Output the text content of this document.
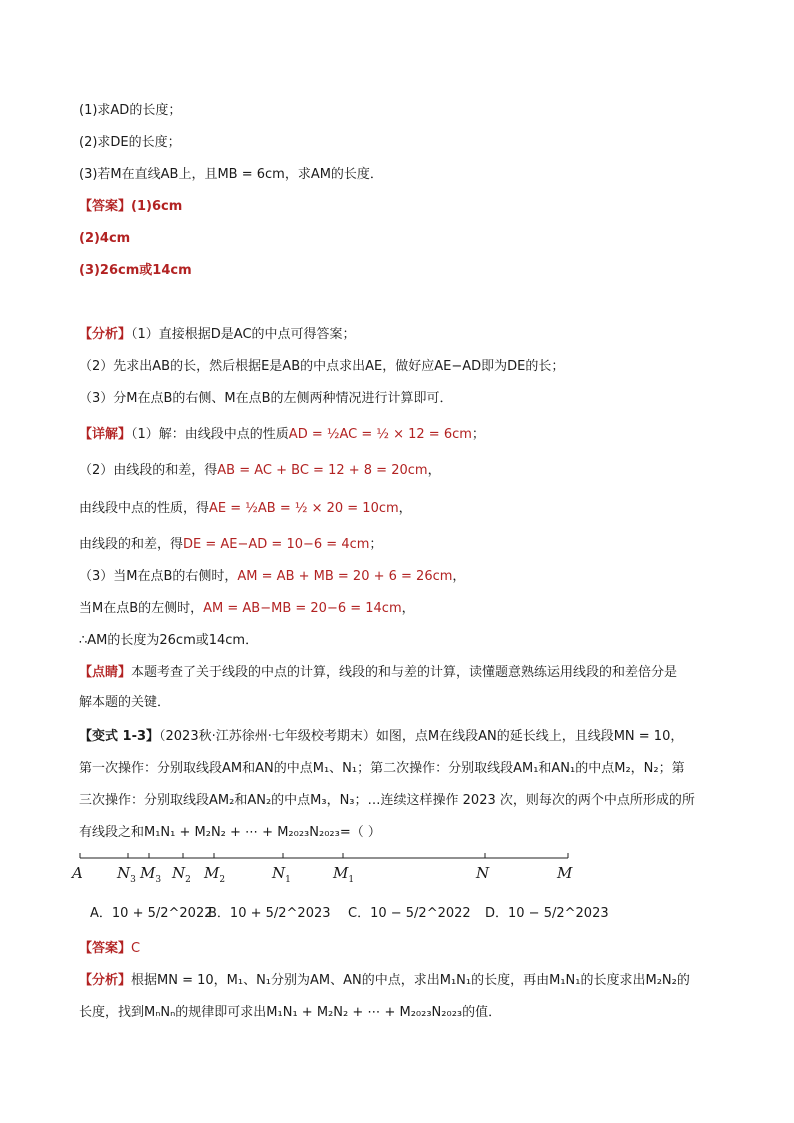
(1)求AD的长度；
(2)求DE的长度；
(3)若M在直线AB上，且MB = 6cm，求AM的长度．
【答案】(1)6cm
(2)4cm
(3)26cm或14cm
【分析】（1）直接根据D是AC的中点可得答案；
（2）先求出AB的长，然后根据E是AB的中点求出AE，做好应AE−AD即为DE的长；
（3）分M在点B的右侧、M在点B的左侧两种情况进行计算即可．
【详解】（1）解：由线段中点的性质AD = ½AC = ½ × 12 = 6cm；
（2）由线段的和差，得AB = AC + BC = 12 + 8 = 20cm，
由线段中点的性质，得AE = ½AB = ½ × 20 = 10cm，
由线段的和差，得DE = AE−AD = 10−6 = 4cm；
（3）当M在点B的右侧时，AM = AB + MB = 20 + 6 = 26cm，
当M在点B的左侧时，AM = AB−MB = 20−6 = 14cm，
∴AM的长度为26cm或14cm．
【点睛】本题考查了关于线段的中点的计算，线段的和与差的计算，读懂题意熟练运用线段的和差倍分是
解本题的关键．
【变式 1-3】（2023秋·江苏徐州·七年级校考期末）如图，点M在线段AN的延长线上，且线段MN = 10，
第一次操作：分别取线段AM和AN的中点M₁、N₁；第二次操作：分别取线段AM₁和AN₁的中点M₂，N₂；第
三次操作：分别取线段AM₂和AN₂的中点M₃，N₃；…连续这样操作 2023 次，则每次的两个中点所形成的所
有线段之和M₁N₁ + M₂N₂ + ⋯ + M₂₀₂₃N₂₀₂₃=（ ）
A $N_3$ $M_3$ $N_2$ $M_2$	$N_1$	$M_1$	N	M
A．10 + 5/2^2022
B．10 + 5/2^2023 C．10 − 5/2^2022 D．10 − 5/2^2023
【答案】C
【分析】根据MN = 10，M₁、N₁分别为AM、AN的中点，求出M₁N₁的长度，再由M₁N₁的长度求出M₂N₂的
长度，找到MₙNₙ的规律即可求出M₁N₁ + M₂N₂ + ⋯ + M₂₀₂₃N₂₀₂₃的值．
